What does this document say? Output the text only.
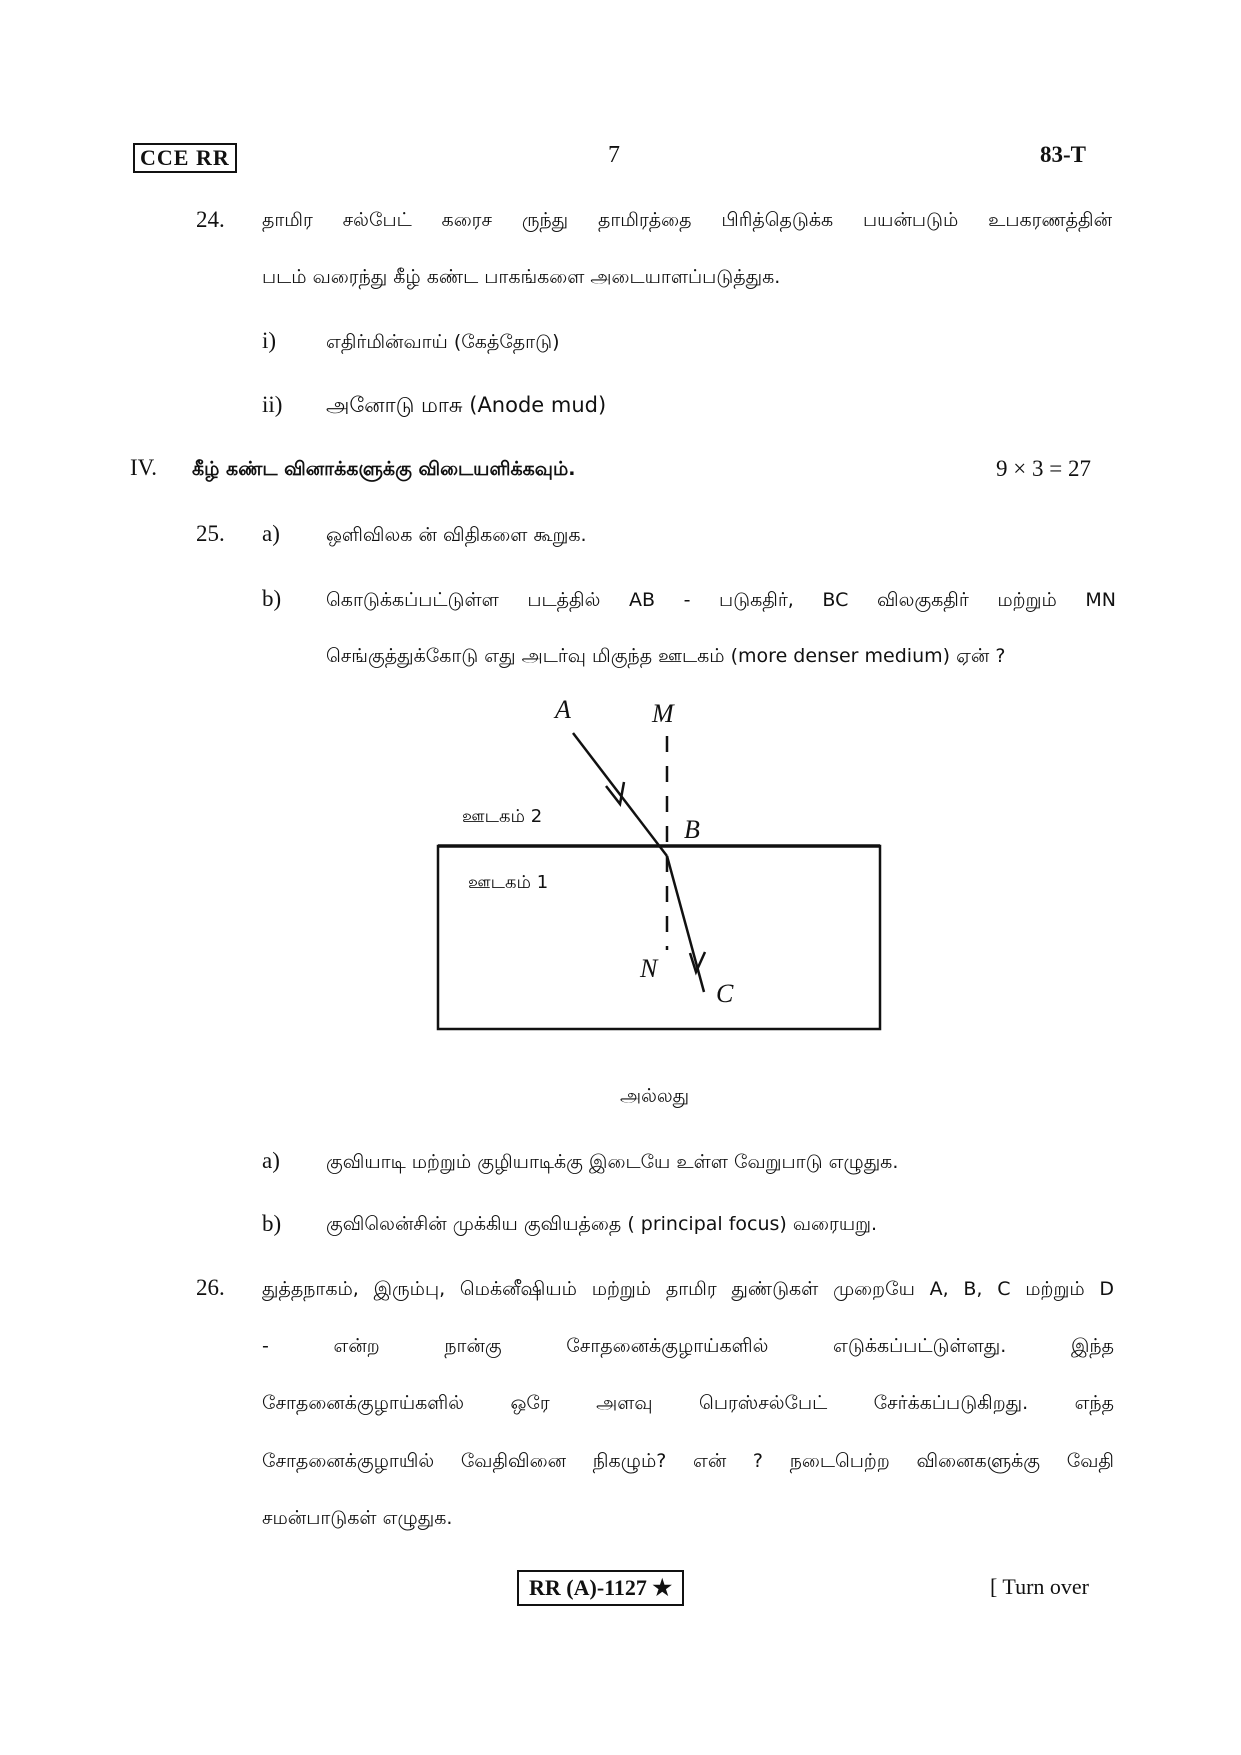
CCE RR	7	83-T
24. தாமிர சல்பேட் கரைச ருந்து தாமிரத்தை பிரித்தெடுக்க பயன்படும் உபகரணத்தின்
படம் வரைந்து கீழ் கண்ட பாகங்களை அடையாளப்படுத்துக.
i)	எதிர்மின்வாய் (கேத்தோடு)
ii) அனோடு மாசு (Anode mud)
IV. கீழ் கண்ட வினாக்களுக்கு விடையளிக்கவும்.	9 × 3 = 27
25. a) ஒளிவிலக ன் விதிகளை கூறுக.
b) கொடுக்கப்பட்டுள்ள படத்தில் AB - படுகதிர், BC விலகுகதிர் மற்றும் MN
செங்குத்துக்கோடு எது அடர்வு மிகுந்த ஊடகம் (more denser medium) ஏன் ?
A	M
B
N
C
ஊடகம் 2
ஊடகம் 1
அல்லது
a) குவியாடி மற்றும் குழியாடிக்கு இடையே உள்ள வேறுபாடு எழுதுக.
b) குவிலென்சின் முக்கிய குவியத்தை ( principal focus) வரையறு.
26. துத்தநாகம், இரும்பு, மெக்னீஷியம் மற்றும் தாமிர துண்டுகள் முறையே A, B, C மற்றும் D
- என்ற நான்கு சோதனைக்குழாய்களில் எடுக்கப்பட்டுள்ளது. இந்த
சோதனைக்குழாய்களில் ஒரே அளவு பெரஸ்சல்பேட் சேர்க்கப்படுகிறது. எந்த
சோதனைக்குழாயில் வேதிவினை நிகழும்? என் ? நடைபெற்ற வினைகளுக்கு வேதி
சமன்பாடுகள் எழுதுக.
RR (A)-1127 ★	[ Turn over
